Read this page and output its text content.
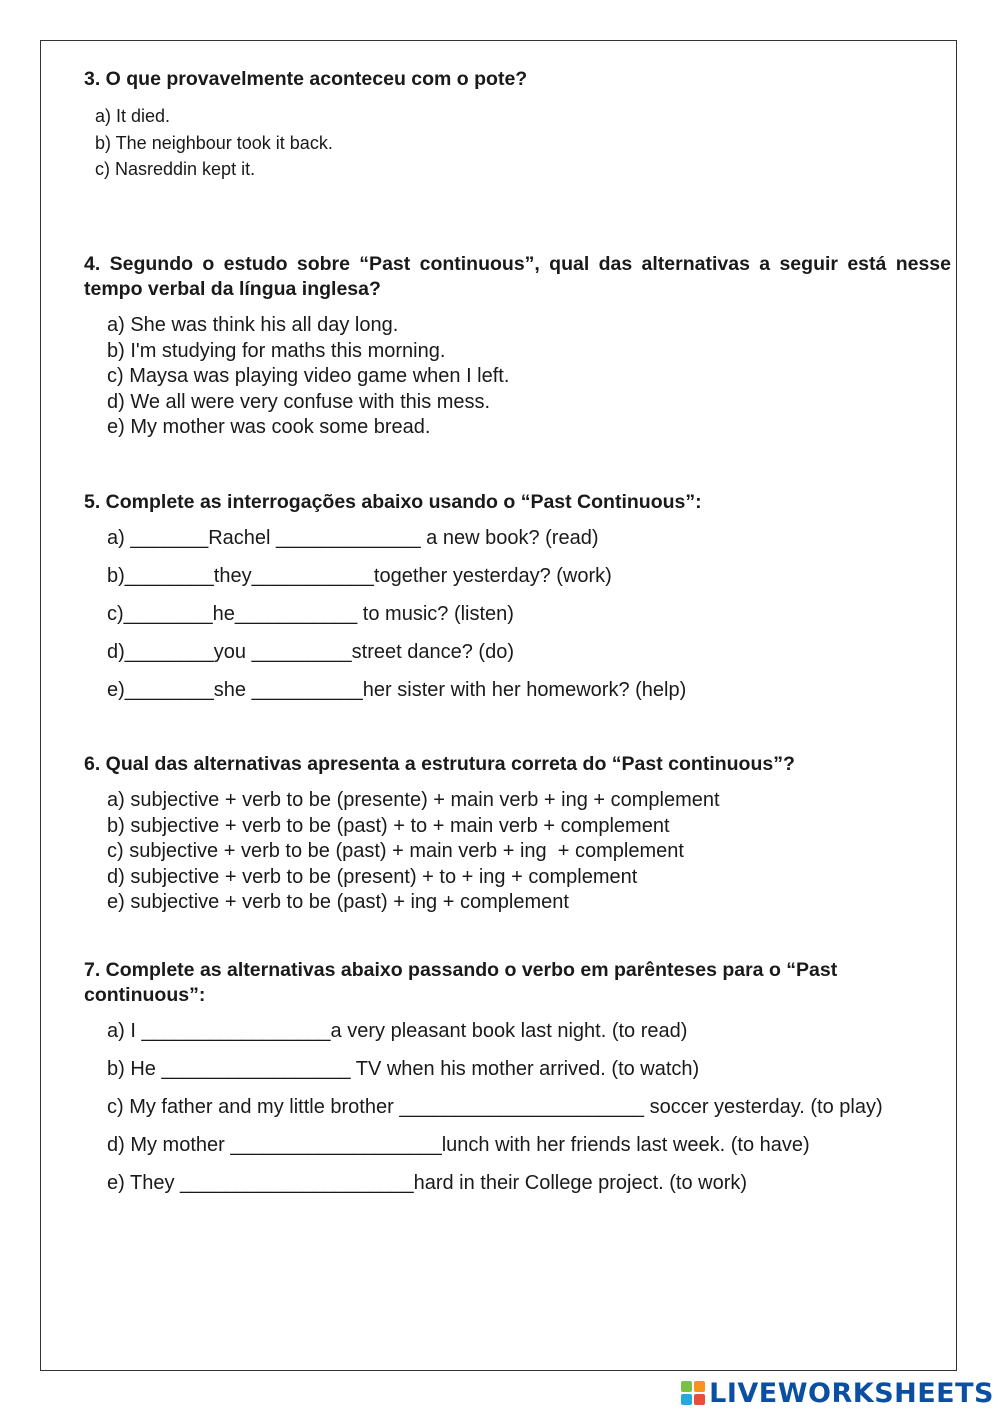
3. O que provavelmente aconteceu com o pote?

a) It died.

b) The neighbour took it back.

c) Nasreddin kept it.

4. Segundo o estudo sobre “Past continuous”, qual das alternativas a seguir está nesse tempo verbal da língua inglesa?

a) She was think his all day long.

b) I'm studying for maths this morning.

c) Maysa was playing video game when I left.

d) We all were very confuse with this mess.

e) My mother was cook some bread.

5. Complete as interrogações abaixo usando o “Past Continuous”:

a) _______Rachel _____________ a new book? (read)

b)________they___________together yesterday? (work)

c)________he___________ to music? (listen)

d)________you _________street dance? (do)

e)________she __________her sister with her homework? (help)

6. Qual das alternativas apresenta a estrutura correta do “Past continuous”?

a) subjective + verb to be (presente) + main verb + ing + complement

b) subjective + verb to be (past) + to + main verb + complement

c) subjective + verb to be (past) + main verb + ing  + complement

d) subjective + verb to be (present) + to + ing + complement

e) subjective + verb to be (past) + ing + complement

7. Complete as alternativas abaixo passando o verbo em parênteses para o “Past continuous”:

a) I _________________a very pleasant book last night. (to read)

b) He _________________ TV when his mother arrived. (to watch)

c) My father and my little brother ______________________ soccer yesterday. (to play)

d) My mother ___________________lunch with her friends last week. (to have)

e) They _____________________hard in their College project. (to work)

LIVEWORKSHEETS
